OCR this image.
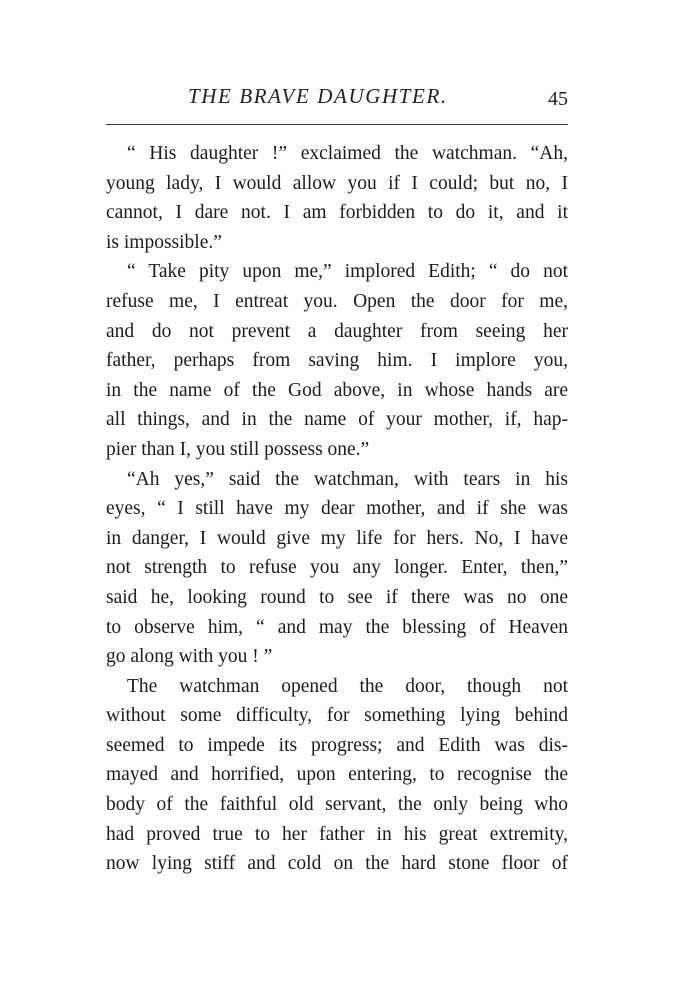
THE BRAVE DAUGHTER.	45
“ His daughter !” exclaimed the watchman. “Ah,
young lady, I would allow you if I could; but no, I
cannot, I dare not. I am forbidden to do it, and it
is impossible.”
“ Take pity upon me,” implored Edith; “ do not
refuse me, I entreat you. Open the door for me,
and do not prevent a daughter from seeing her
father, perhaps from saving him. I implore you,
in the name of the God above, in whose hands are
all things, and in the name of your mother, if, hap-
pier than I, you still possess one.”
“Ah yes,” said the watchman, with tears in his
eyes, “ I still have my dear mother, and if she was
in danger, I would give my life for hers. No, I have
not strength to refuse you any longer. Enter, then,”
said he, looking round to see if there was no one
to observe him, “ and may the blessing of Heaven
go along with you ! ”
The watchman opened the door, though not
without some difficulty, for something lying behind
seemed to impede its progress; and Edith was dis-
mayed and horrified, upon entering, to recognise the
body of the faithful old servant, the only being who
had proved true to her father in his great extremity,
now lying stiff and cold on the hard stone floor of
